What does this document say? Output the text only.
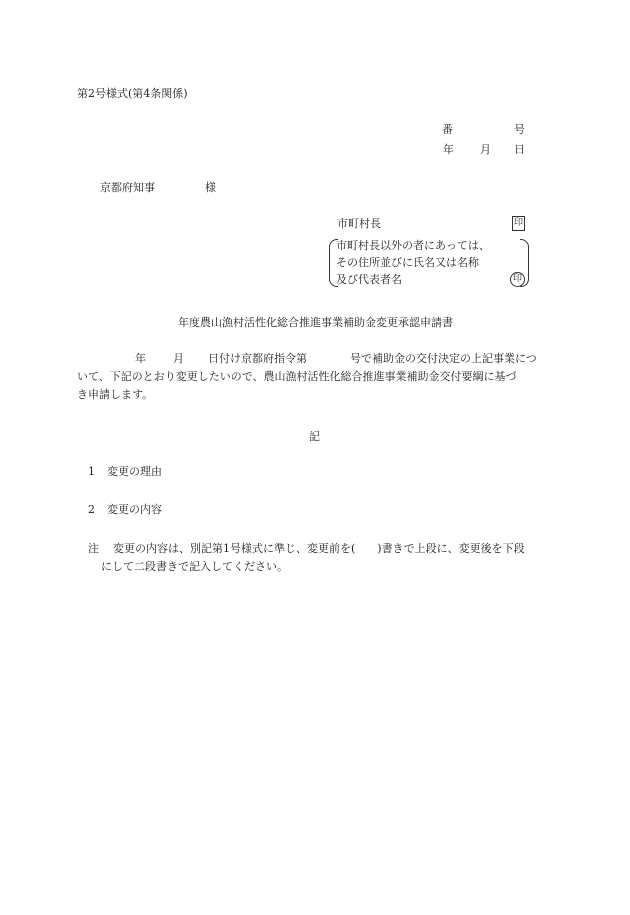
第2号様式(第4条関係)
番	号
年 月 日
京都府知事	様
市町村長	印
市町村長以外の者にあっては、
その住所並びに氏名又は名称
及び代表者名	印
年度農山漁村活性化総合推進事業補助金変更承認申請書
年 月 日付け京都府指令第	号で補助金の交付決定の上記事業につ
いて、下記のとおり変更したいので、農山漁村活性化総合推進事業補助金交付要綱に基づ
き申請します。
記
1 変更の理由
2 変更の内容
注 変更の内容は、別記第1号様式に準じ、変更前を(　　)書きで上段に、変更後を下段
にして二段書きで記入してください。
